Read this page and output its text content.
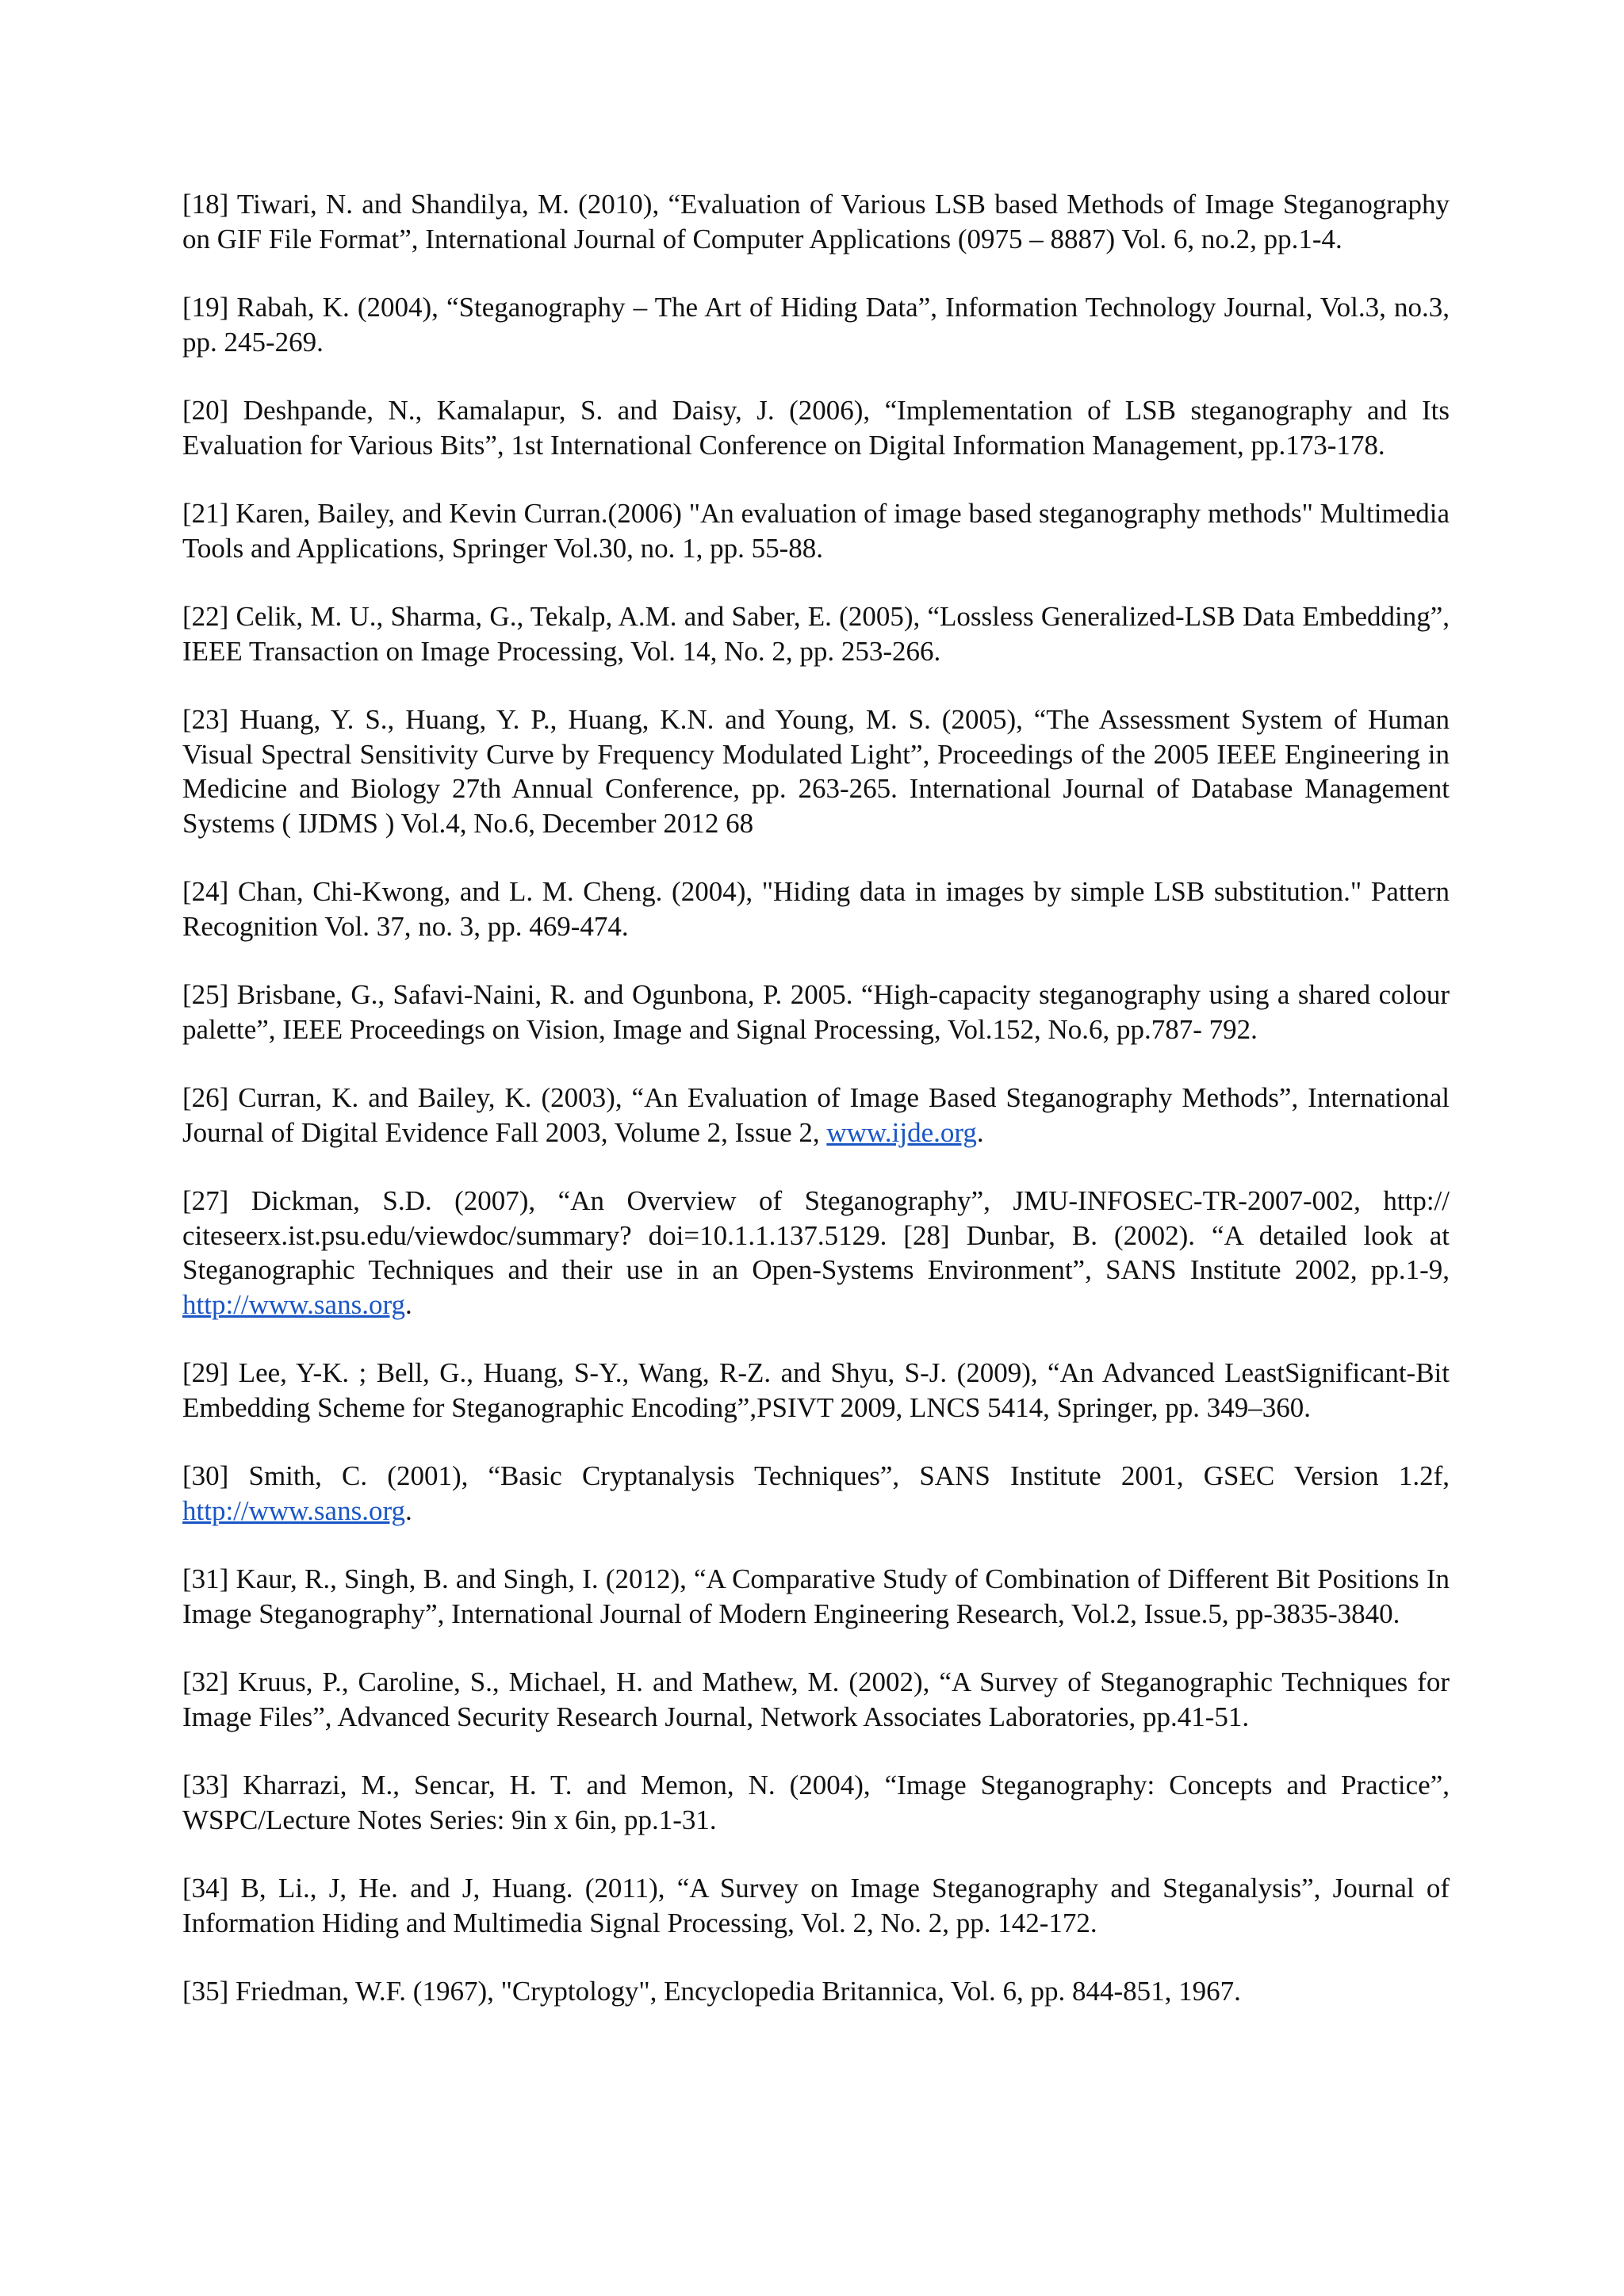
[18] Tiwari, N. and Shandilya, M. (2010), “Evaluation of Various LSB based Methods of Image Steganography on GIF File Format”, International Journal of Computer Applications (0975 – 8887) Vol. 6, no.2, pp.1-4.

[19] Rabah, K. (2004), “Steganography – The Art of Hiding Data”, Information Technology Journal, Vol.3, no.3, pp. 245-269.

[20] Deshpande, N., Kamalapur, S. and Daisy, J. (2006), “Implementation of LSB steganography and Its Evaluation for Various Bits”, 1st International Conference on Digital Information Management, pp.173-178.

[21] Karen, Bailey, and Kevin Curran.(2006) "An evaluation of image based steganography methods" Multimedia Tools and Applications, Springer Vol.30, no. 1, pp. 55-88.

[22] Celik, M. U., Sharma, G., Tekalp, A.M. and Saber, E. (2005), “Lossless Generalized-LSB Data Embedding”, IEEE Transaction on Image Processing, Vol. 14, No. 2, pp. 253-266.

[23] Huang, Y. S., Huang, Y. P., Huang, K.N. and Young, M. S. (2005), “The Assessment System of Human Visual Spectral Sensitivity Curve by Frequency Modulated Light”, Proceedings of the 2005 IEEE Engineering in Medicine and Biology 27th Annual Conference, pp. 263-265. International Journal of Database Management Systems ( IJDMS ) Vol.4, No.6, December 2012 68

[24] Chan, Chi-Kwong, and L. M. Cheng. (2004), "Hiding data in images by simple LSB substitution." Pattern Recognition Vol. 37, no. 3, pp. 469-474.

[25] Brisbane, G., Safavi-Naini, R. and Ogunbona, P. 2005. “High-capacity steganography using a shared colour palette”, IEEE Proceedings on Vision, Image and Signal Processing, Vol.152, No.6, pp.787- 792.

[26] Curran, K. and Bailey, K. (2003), “An Evaluation of Image Based Steganography Methods”, International Journal of Digital Evidence Fall 2003, Volume 2, Issue 2, www.ijde.org.

[27] Dickman, S.D. (2007), “An Overview of Steganography”, JMU-INFOSEC-TR-2007-002, http:// citeseerx.ist.psu.edu/viewdoc/summary? doi=10.1.1.137.5129. [28] Dunbar, B. (2002). “A detailed look at Steganographic Techniques and their use in an Open-Systems Environment”, SANS Institute 2002, pp.1-9, http://www.sans.org.

[29] Lee, Y-K. ; Bell, G., Huang, S-Y., Wang, R-Z. and Shyu, S-J. (2009), “An Advanced LeastSignificant-Bit Embedding Scheme for Steganographic Encoding”,PSIVT 2009, LNCS 5414, Springer, pp. 349–360.

[30] Smith, C. (2001), “Basic Cryptanalysis Techniques”, SANS Institute 2001, GSEC Version 1.2f, http://www.sans.org.

[31] Kaur, R., Singh, B. and Singh, I. (2012), “A Comparative Study of Combination of Different Bit Positions In Image Steganography”, International Journal of Modern Engineering Research, Vol.2, Issue.5, pp-3835-3840.

[32] Kruus, P., Caroline, S., Michael, H. and Mathew, M. (2002), “A Survey of Steganographic Techniques for Image Files”, Advanced Security Research Journal, Network Associates Laboratories, pp.41-51.

[33] Kharrazi, M., Sencar, H. T. and Memon, N. (2004), “Image Steganography: Concepts and Practice”, WSPC/Lecture Notes Series: 9in x 6in, pp.1-31.

[34] B, Li., J, He. and J, Huang. (2011), “A Survey on Image Steganography and Steganalysis”, Journal of Information Hiding and Multimedia Signal Processing, Vol. 2, No. 2, pp. 142-172.

[35] Friedman, W.F. (1967), "Cryptology", Encyclopedia Britannica, Vol. 6, pp. 844-851, 1967.
